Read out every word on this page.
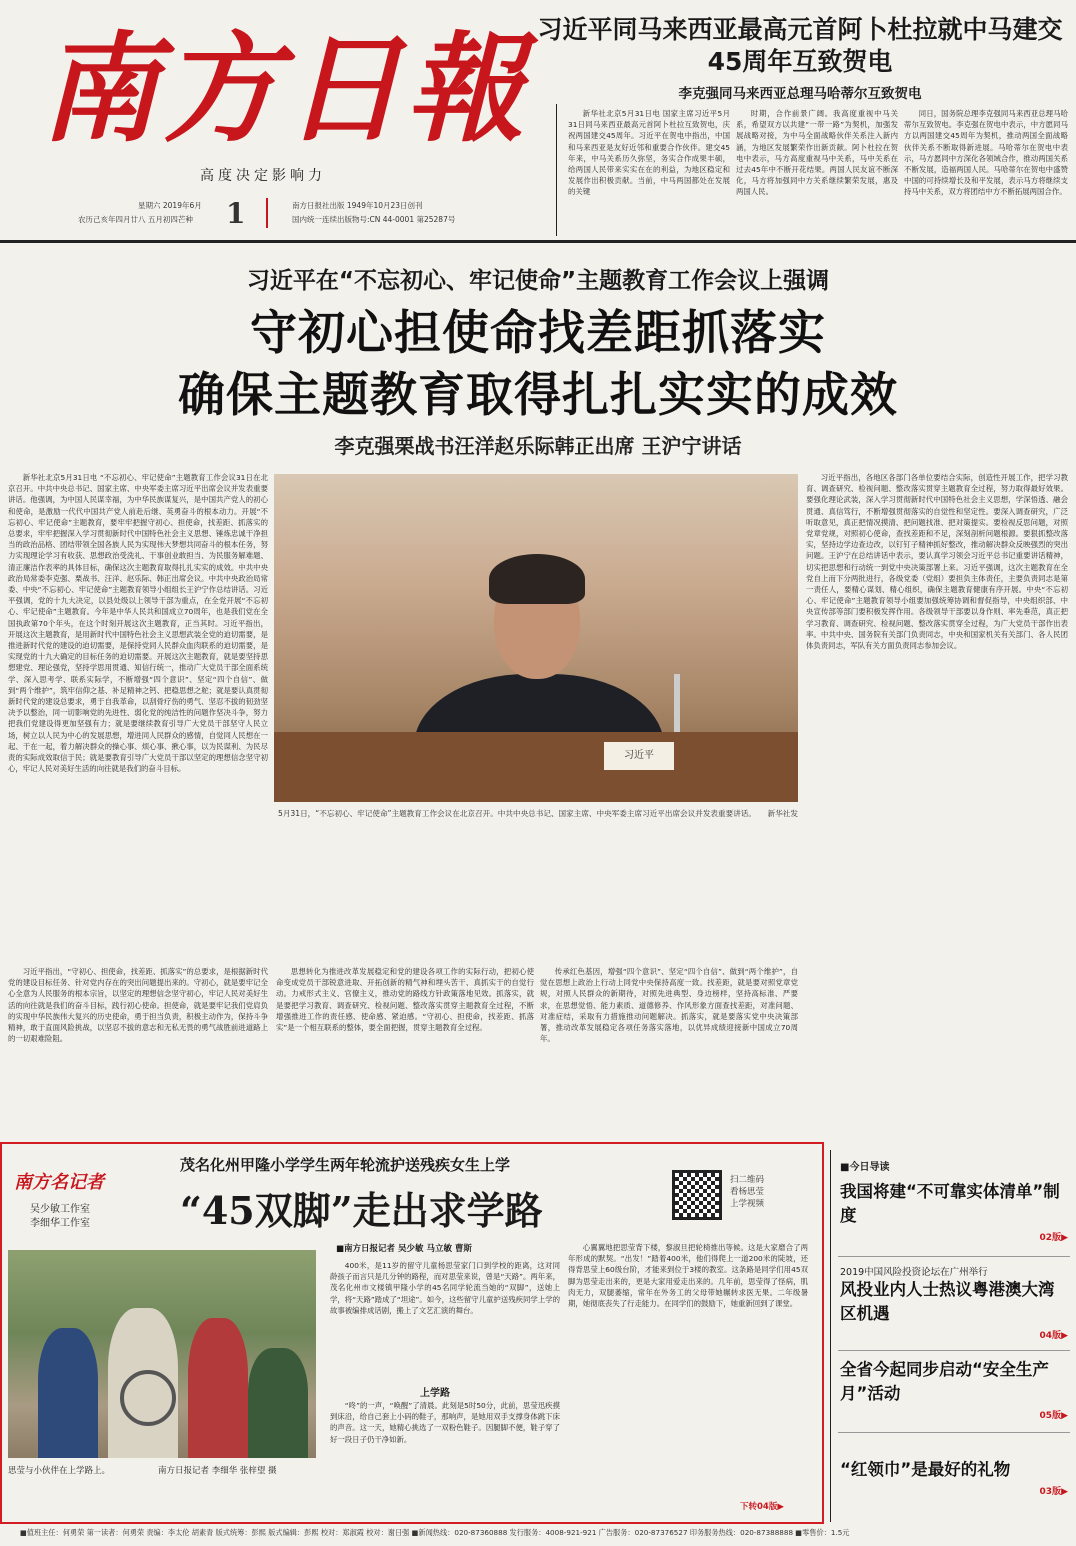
南方日報
高度决定影响力
星期六 2019年6月
农历己亥年四月廿八 五月初四芒种 1	南方日报社出版 1949年10月23日创刊
国内统一连续出版物号:CN 44-0001 第25287号
习近平同马来西亚最高元首阿卜杜拉就中马建交45周年互致贺电
李克强同马来西亚总理马哈蒂尔互致贺电

新华社北京5月31日电 国家主席习近平5月31日同马来西亚最高元首阿卜杜拉互致贺电，庆祝两国建交45周年。习近平在贺电中指出，中国和马来西亚是友好近邻和重要合作伙伴。建交45年来，中马关系历久弥坚，务实合作成果丰硕，给两国人民带来实实在在的利益，为地区稳定和发展作出积极贡献。当前，中马两国都处在发展的关键

时期，合作前景广阔。我高度重视中马关系，希望双方以共建“一带一路”为契机，加强发展战略对接，为中马全面战略伙伴关系注入新内涵，为地区发展繁荣作出新贡献。阿卜杜拉在贺电中表示，马方高度重视马中关系，马中关系在过去45年中不断开花结果。两国人民友谊不断深化，马方将加强同中方关系继续繁荣发展，惠及两国人民。

同日，国务院总理李克强同马来西亚总理马哈蒂尔互致贺电。李克强在贺电中表示，中方愿同马方以两国建交45周年为契机，推动两国全面战略伙伴关系不断取得新进展。马哈蒂尔在贺电中表示，马方愿同中方深化各领域合作，推动两国关系不断发展，造福两国人民。马哈蒂尔在贺电中盛赞中国的可持续增长及和平发展，表示马方将继续支持马中关系，双方将团结中方不断拓展两国合作。

习近平在“不忘初心、牢记使命”主题教育工作会议上强调
守初心担使命找差距抓落实
确保主题教育取得扎扎实实的成效
李克强栗战书汪洋赵乐际韩正出席 王沪宁讲话

新华社北京5月31日电 “不忘初心、牢记使命”主题教育工作会议31日在北京召开。中共中央总书记、国家主席、中央军委主席习近平出席会议并发表重要讲话。他强调，为中国人民谋幸福，为中华民族谋复兴，是中国共产党人的初心和使命，是激励一代代中国共产党人前赴后继、英勇奋斗的根本动力。开展“不忘初心、牢记使命”主题教育，要牢牢把握守初心、担使命，找差距、抓落实的总要求，牢牢把握深入学习贯彻新时代中国特色社会主义思想、锤炼忠诚干净担当的政治品格、团结带领全国各族人民为实现伟大梦想共同奋斗的根本任务，努力实现理论学习有收获、思想政治受洗礼、干事创业敢担当、为民服务解难题、清正廉洁作表率的具体目标，确保这次主题教育取得扎扎实实的成效。中共中央政治局常委李克强、栗战书、汪洋、赵乐际、韩正出席会议。中共中央政治局常委、中央“不忘初心、牢记使命”主题教育领导小组组长王沪宁作总结讲话。习近平强调，党的十九大决定，以县处级以上领导干部为重点，在全党开展“不忘初心、牢记使命”主题教育。今年是中华人民共和国成立70周年，也是我们党在全国执政第70个年头，在这个时刻开展这次主题教育，正当其时。习近平指出，开展这次主题教育，是用新时代中国特色社会主义思想武装全党的迫切需要，是推进新时代党的建设的迫切需要，是保持党同人民群众血肉联系的迫切需要，是实现党的十九大确定的目标任务的迫切需要。开展这次主题教育，就是要坚持思想建党、理论强党，坚持学思用贯通、知信行统一，推动广大党员干部全面系统学、深入思考学、联系实际学，不断增强“四个意识”、坚定“四个自信”、做到“两个维护”，筑牢信仰之基、补足精神之钙、把稳思想之舵；就是要认真贯彻新时代党的建设总要求，勇于自我革命，以刮骨疗伤的勇气、坚忍不拔的韧劲坚决予以整治，同一切影响党的先进性、弱化党的纯洁性的问题作坚决斗争，努力把我们党建设得更加坚强有力；就是要继续教育引导广大党员干部坚守人民立场，树立以人民为中心的发展思想，增进同人民群众的感情，自觉同人民想在一起、干在一起，着力解决群众的操心事、烦心事、揪心事，以为民谋利、为民尽责的实际成效取信于民；就是要教育引导广大党员干部以坚定的理想信念坚守初心，牢记人民对美好生活的向往就是我们的奋斗目标。

习近平
5月31日，“不忘初心、牢记使命”主题教育工作会议在北京召开。中共中央总书记、国家主席、中央军委主席习近平出席会议并发表重要讲话。 新华社发

习近平指出，各地区各部门各单位要结合实际，创造性开展工作，把学习教育、调查研究、检视问题、整改落实贯穿主题教育全过程，努力取得最好效果。要强化理论武装，深入学习贯彻新时代中国特色社会主义思想，学深悟透、融会贯通、真信笃行，不断增强贯彻落实的自觉性和坚定性。要深入调查研究，广泛听取意见，真正把情况摸清、把问题找准、把对策提实。要检视反思问题，对照党章党规，对照初心使命，查找差距和不足，深刻剖析问题根源。要狠抓整改落实，坚持边学边查边改，以钉钉子精神抓好整改，推动解决群众反映强烈的突出问题。王沪宁在总结讲话中表示，要认真学习领会习近平总书记重要讲话精神，切实把思想和行动统一到党中央决策部署上来。习近平强调，这次主题教育在全党自上而下分两批进行，各级党委（党组）要担负主体责任，主要负责同志是第一责任人，要精心谋划、精心组织，确保主题教育健康有序开展。中央“不忘初心、牢记使命”主题教育领导小组要加强统筹协调和督促指导，中央组织部、中央宣传部等部门要积极发挥作用。各级领导干部要以身作则、率先垂范，真正把学习教育、调查研究、检视问题、整改落实贯穿全过程，为广大党员干部作出表率。中共中央、国务院有关部门负责同志，中央和国家机关有关部门、各人民团体负责同志，军队有关方面负责同志参加会议。

习近平指出，“守初心、担使命，找差距、抓落实”的总要求，是根据新时代党的建设目标任务、针对党内存在的突出问题提出来的。守初心，就是要牢记全心全意为人民服务的根本宗旨，以坚定的理想信念坚守初心，牢记人民对美好生活的向往就是我们的奋斗目标，践行初心使命。担使命，就是要牢记我们党肩负的实现中华民族伟大复兴的历史使命，勇于担当负责，积极主动作为，保持斗争精神，敢于直面风险挑战，以坚忍不拔的意志和无私无畏的勇气战胜前进道路上的一切艰难险阻。

思想转化为推进改革发展稳定和党的建设各项工作的实际行动，把初心使命变成党员干部锐意进取、开拓创新的精气神和埋头苦干、真抓实干的自觉行动。力戒形式主义、官僚主义，推动党的路线方针政策落地见效。抓落实，就是要把学习教育、调查研究、检视问题、整改落实贯穿主题教育全过程，不断增强推进工作的责任感、使命感、紧迫感。“守初心、担使命，找差距、抓落实”是一个相互联系的整体，要全面把握，贯穿主题教育全过程。

传承红色基因，增强“四个意识”、坚定“四个自信”、做到“两个维护”，自觉在思想上政治上行动上同党中央保持高度一致。找差距，就是要对照党章党规，对照人民群众的新期待，对照先进典型、身边榜样，坚持高标准、严要求，在思想觉悟、能力素质、道德修养、作风形象方面查找差距，对准问题、对准症结，采取有力措施推动问题解决。抓落实，就是要落实党中央决策部署，推动改革发展稳定各项任务落实落地，以优异成绩迎接新中国成立70周年。

南方名记者
吴少敏工作室
李细华工作室
茂名化州甲隆小学学生两年轮流护送残疾女生上学
“45双脚”走出求学路
扫二维码
看杨思莹
上学视频
思莹与小伙伴在上学路上。	南方日报记者 李细华 张梓望 摄
■南方日报记者 吴少敏 马立敏 曹斯

400米，是11岁的留守儿童杨思莹家门口到学校的距离，这对同龄孩子而言只是几分钟的路程，而对思莹来说，曾是“天路”。两年来，茂名化州市文楼镇甲隆小学的45名同学轮流当她的“双脚”，送她上学，将“天路”踏成了“坦途”。如今，这些留守儿童护送残疾同学上学的故事被编排成话剧，搬上了文艺汇演的舞台。

上学路

“咚”的一声，“唤醒”了清晨。此刻是5时50分，此前，思莹迅疾摸到床沿，给自己套上小码的鞋子，那响声，是她用双手支撑身体跳下床的声音。这一天，她精心挑选了一双粉色鞋子。因腿脚不便，鞋子穿了好一段日子仍干净如新。

心翼翼地把思莹背下楼，黎淑旦把轮椅推出等候。这是大家磨合了两年形成的默契。“出发！”踏着400米，他们得爬上一道200米的陡坡，还得背思莹上60级台阶，才能来到位于3楼的教室。这条路是同学们用45双脚为思莹走出来的，更是大家用爱走出来的。几年前，思莹得了怪病，肌肉无力，双腿萎缩，常年在外务工的父母带她辗转求医无果。二年级暑期，她彻底丧失了行走能力。在同学们的鼓励下，她重新回到了课堂。

下转04版▶
■今日导读
我国将建“不可靠实体清单”制度
02版▶
2019中国风险投资论坛在广州举行
风投业内人士热议粤港澳大湾区机遇
04版▶
全省今起同步启动“安全生产月”活动
05版▶
“红领巾”是最好的礼物
03版▶
■值班主任：何勇荣 第一读者：何勇荣 责编：李太伦 胡素青 版式统筹：彭熙 版式编辑：彭熙 校对：郑淑霞 校对：谢日强 ■新闻热线：020-87360888 发行服务：4008-921-921 广告服务：020-87376527 印务服务热线：020-87388888 ■零售价：1.5元
